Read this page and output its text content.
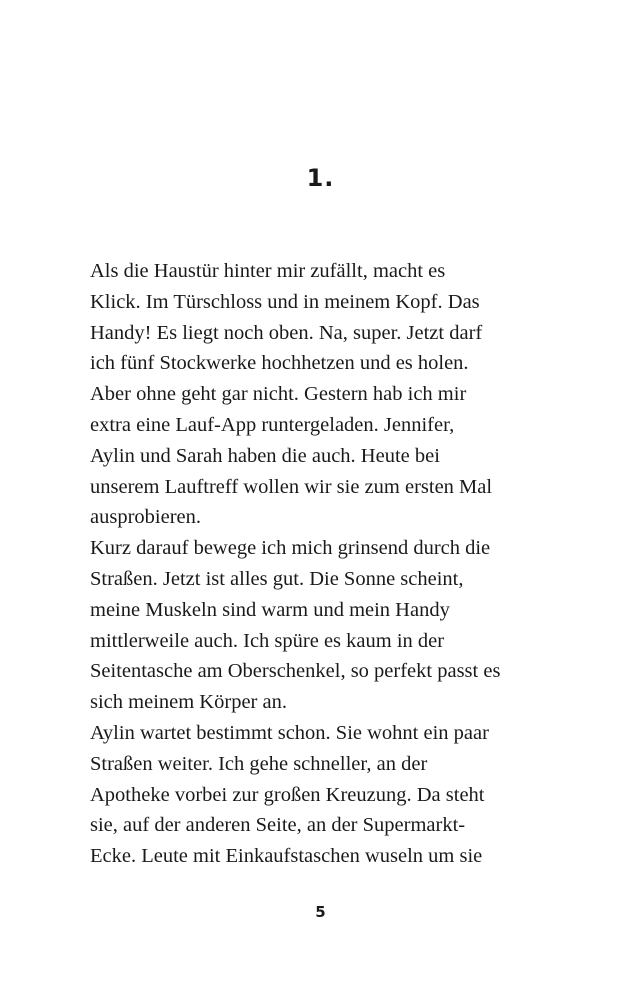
1.
Als die Haustür hinter mir zufällt, macht es
Klick. Im Türschloss und in meinem Kopf. Das
Handy! Es liegt noch oben. Na, super. Jetzt darf
ich fünf Stockwerke hochhetzen und es holen.
Aber ohne geht gar nicht. Gestern hab ich mir
extra eine Lauf-App runtergeladen. Jennifer,
Aylin und Sarah haben die auch. Heute bei
unserem Lauftreff wollen wir sie zum ersten Mal
ausprobieren.
Kurz darauf bewege ich mich grinsend durch die
Straßen. Jetzt ist alles gut. Die Sonne scheint,
meine Muskeln sind warm und mein Handy
mittlerweile auch. Ich spüre es kaum in der
Seitentasche am Oberschenkel, so perfekt passt es
sich meinem Körper an.
Aylin wartet bestimmt schon. Sie wohnt ein paar
Straßen weiter. Ich gehe schneller, an der
Apotheke vorbei zur großen Kreuzung. Da steht
sie, auf der anderen Seite, an der Supermarkt-
Ecke. Leute mit Einkaufstaschen wuseln um sie
5
